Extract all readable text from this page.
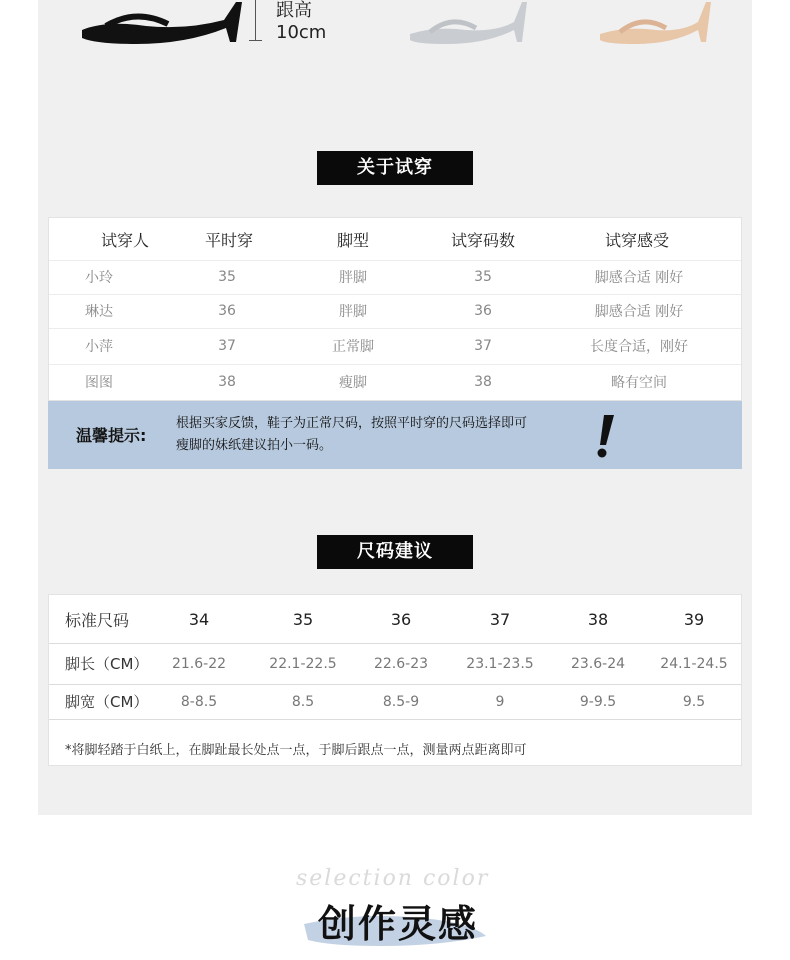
跟高
10cm
关于试穿
试穿人	平时穿	脚型	试穿码数	试穿感受
小玲	35	胖脚	35	脚感合适 刚好
琳达	36	胖脚	36	脚感合适 刚好
小萍	37	正常脚	37	长度合适，刚好
图图	38	瘦脚	38	略有空间
温馨提示:
根据买家反馈，鞋子为正常尺码，按照平时穿的尺码选择即可
瘦脚的妹纸建议拍小一码。
尺码建议
标准尺码	34	35	36	37	38	39
脚长（CM）	21.6-22	22.1-22.5	22.6-23	23.1-23.5	23.6-24	24.1-24.5
脚宽（CM）	8-8.5	8.5	8.5-9	9	9-9.5	9.5
*将脚轻踏于白纸上，在脚趾最长处点一点，于脚后跟点一点，测量两点距离即可
selection color
创作灵感
